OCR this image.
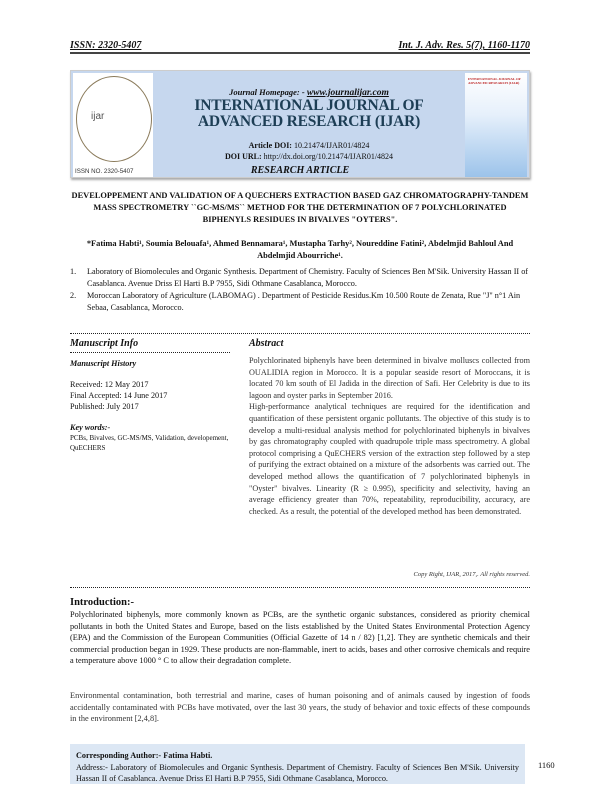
ISSN: 2320-5407	Int. J. Adv. Res. 5(7), 1160-1170
ijar
ISSN NO. 2320-5407
Journal Homepage: - www.journalijar.com
INTERNATIONAL JOURNAL OF
ADVANCED RESEARCH (IJAR)
Article DOI: 10.21474/IJAR01/4824
DOI URL: http://dx.doi.org/10.21474/IJAR01/4824
INTERNATIONAL JOURNAL OF ADVANCED RESEARCH (IJAR)
RESEARCH ARTICLE
DEVELOPPEMENT AND VALIDATION OF A QUECHERS EXTRACTION BASED GAZ CHROMATOGRAPHY-TANDEM MASS SPECTROMETRY ``GC-MS/MS`` METHOD FOR THE DETERMINATION OF 7 POLYCHLORINATED BIPHENYLS RESIDUES IN BIVALVES "OYTERS".
*Fatima Habti¹, Soumia Belouafa¹, Ahmed Bennamara¹, Mustapha Tarhy², Noureddine Fatini², Abdelmjid Bahloul And Abdelmjid Abourriche¹.
1.	Laboratory of Biomolecules and Organic Synthesis. Department of Chemistry. Faculty of Sciences Ben M'Sik. University Hassan II of Casablanca. Avenue Driss El Harti B.P 7955, Sidi Othmane Casablanca, Morocco.
2.	Moroccan Laboratory of Agriculture (LABOMAG) . Department of Pesticide Residus.Km 10.500 Route de Zenata, Rue "J" n°1 Ain Sebaa, Casablanca, Morocco.
Manuscript Info	Abstract
Manuscript History
Received: 12 May 2017
Final Accepted: 14 June 2017
Published: July 2017
Key words:-
PCBs, Bivalves, GC-MS/MS, Validation, developement, QuECHERS

Polychlorinated biphenyls have been determined in bivalve molluscs collected from OUALIDIA region in Morocco. It is a popular seaside resort of Moroccans, it is located 70 km south of El Jadida in the direction of Safi. Her Celebrity is due to its lagoon and oyster parks in September 2016.

High-performance analytical techniques are required for the identification and quantification of these persistent organic pollutants. The objective of this study is to develop a multi-residual analysis method for polychlorinated biphenyls in bivalves by gas chromatography coupled with quadrupole triple mass spectrometry. A global protocol comprising a QuECHERS version of the extraction step followed by a step of purifying the extract obtained on a mixture of the adsorbents was carried out. The developed method allows the quantification of 7 polychlorinated biphenyls in "Oyster" bivalves. Linearity (R ≥ 0.995), specificity and selectivity, having an average efficiency greater than 70%, repeatability, reproducibility, accuracy, are checked. As a result, the potential of the developed method has been demonstrated.

Copy Right, IJAR, 2017,. All rights reserved.
Introduction:-
Polychlorinated biphenyls, more commonly known as PCBs, are the synthetic organic substances, considered as priority chemical pollutants in both the United States and Europe, based on the lists established by the United States Environmental Protection Agency (EPA) and the Commission of the European Communities (Official Gazette of 14 n / 82) [1,2]. They are synthetic chemicals and their commercial production began in 1929. These products are non-flammable, inert to acids, bases and other corrosive chemicals and require a temperature above 1000 ° C to allow their degradation complete.
Environmental contamination, both terrestrial and marine, cases of human poisoning and of animals caused by ingestion of foods accidentally contaminated with PCBs have motivated, over the last 30 years, the study of behavior and toxic effects of these compounds in the environment [2,4,8].
Corresponding Author:- Fatima Habti.
Address:- Laboratory of Biomolecules and Organic Synthesis. Department of Chemistry. Faculty of Sciences Ben M'Sik. University Hassan II of Casablanca. Avenue Driss El Harti B.P 7955, Sidi Othmane Casablanca, Morocco.
1160
